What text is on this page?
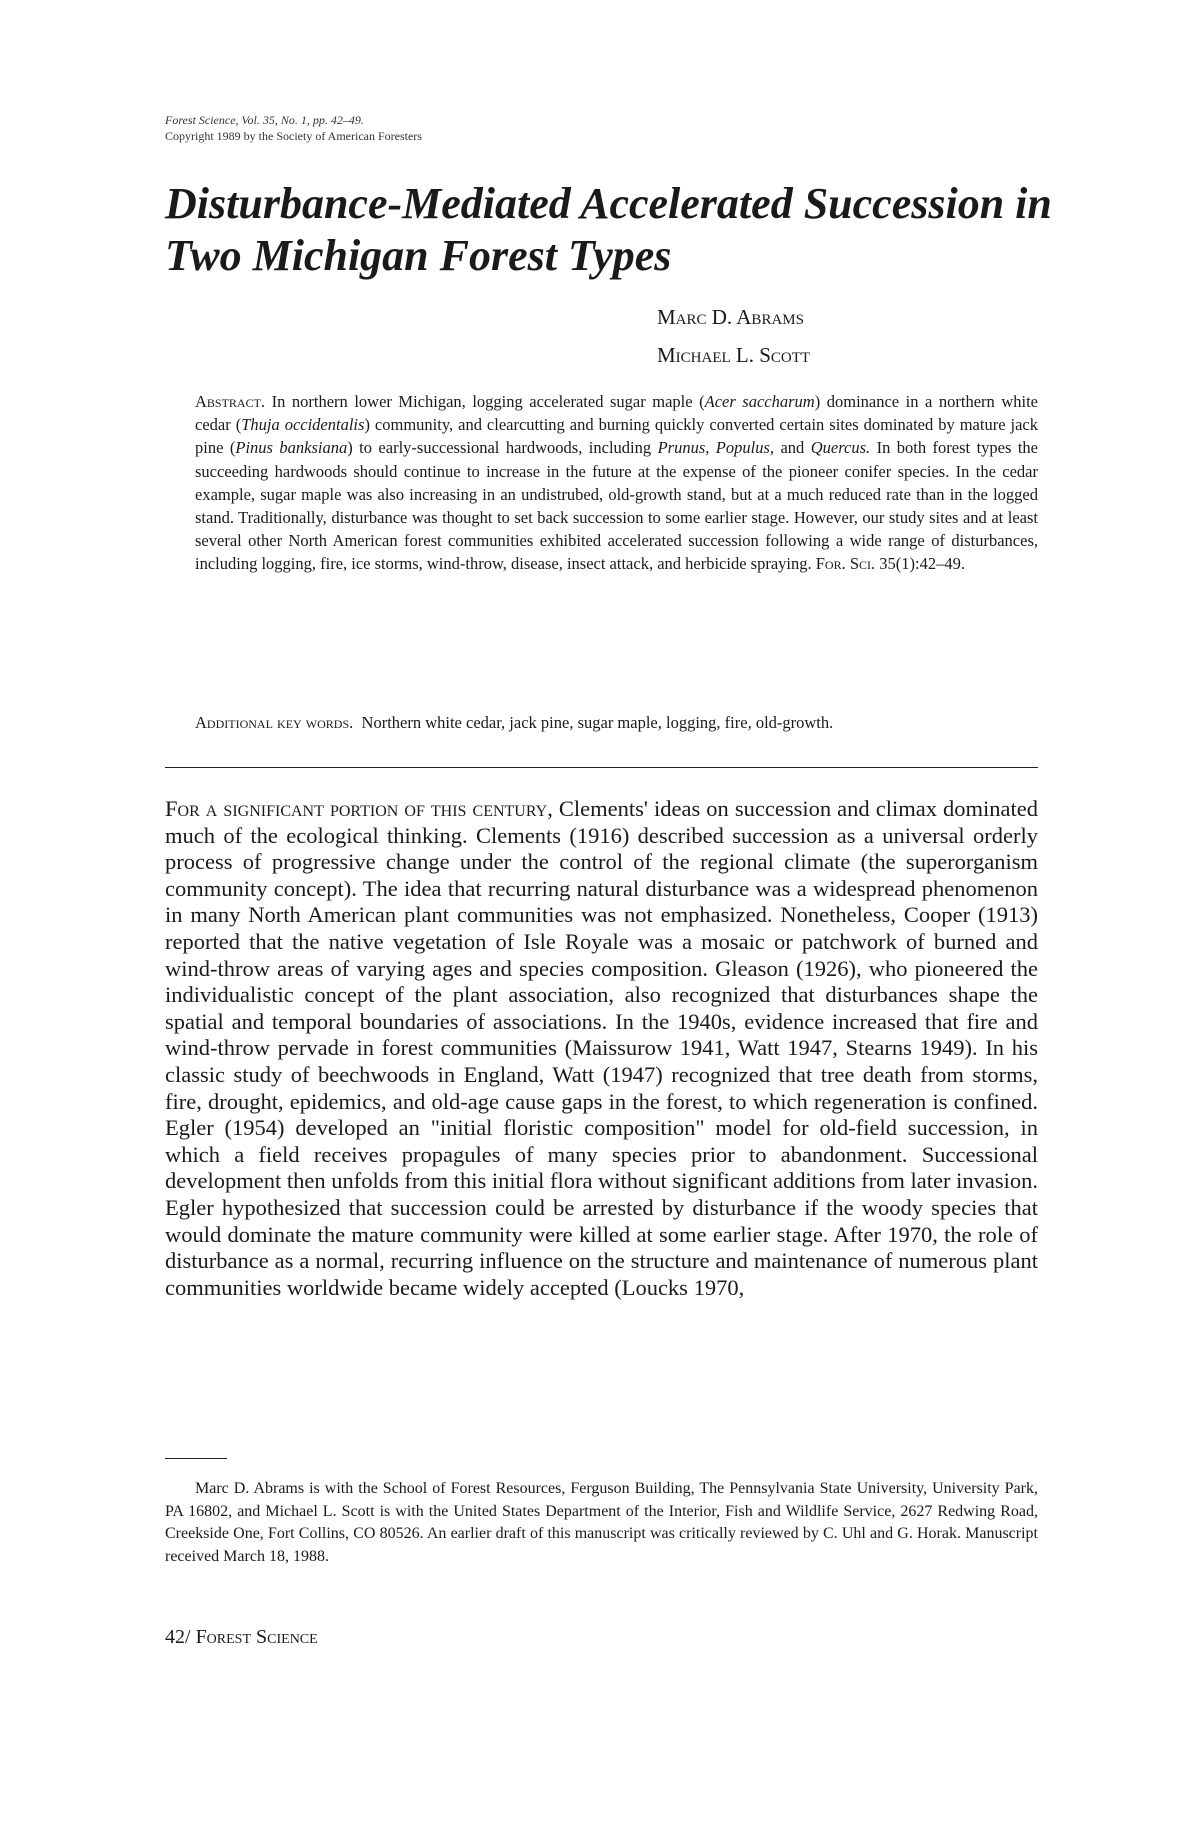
Forest Science, Vol. 35, No. 1, pp. 42–49.
Copyright 1989 by the Society of American Foresters
Disturbance-Mediated Accelerated Succession in Two Michigan Forest Types
Marc D. Abrams
Michael L. Scott

Abstract. In northern lower Michigan, logging accelerated sugar maple (Acer saccharum) dominance in a northern white cedar (Thuja occidentalis) community, and clearcutting and burning quickly converted certain sites dominated by mature jack pine (Pinus banksiana) to early-successional hardwoods, including Prunus, Populus, and Quercus. In both forest types the succeeding hardwoods should continue to increase in the future at the expense of the pioneer conifer species. In the cedar example, sugar maple was also increasing in an undistrubed, old-growth stand, but at a much reduced rate than in the logged stand. Traditionally, disturbance was thought to set back succession to some earlier stage. However, our study sites and at least several other North American forest communities exhibited accelerated succession following a wide range of disturbances, including logging, fire, ice storms, wind-throw, disease, insect attack, and herbicide spraying. For. Sci. 35(1):42–49.

Additional key words. Northern white cedar, jack pine, sugar maple, logging, fire, old-growth.

For a significant portion of this century, Clements' ideas on succession and climax dominated much of the ecological thinking. Clements (1916) described succession as a universal orderly process of progressive change under the control of the regional climate (the superorganism community concept). The idea that recurring natural disturbance was a widespread phenomenon in many North American plant communities was not emphasized. Nonetheless, Cooper (1913) reported that the native vegetation of Isle Royale was a mosaic or patchwork of burned and wind-throw areas of varying ages and species composition. Gleason (1926), who pioneered the individualistic concept of the plant association, also recognized that disturbances shape the spatial and temporal boundaries of associations. In the 1940s, evidence increased that fire and wind-throw pervade in forest communities (Maissurow 1941, Watt 1947, Stearns 1949). In his classic study of beechwoods in England, Watt (1947) recognized that tree death from storms, fire, drought, epidemics, and old-age cause gaps in the forest, to which regeneration is confined. Egler (1954) developed an "initial floristic composition" model for old-field succession, in which a field receives propagules of many species prior to abandonment. Successional development then unfolds from this initial flora without significant additions from later invasion. Egler hypothesized that succession could be arrested by disturbance if the woody species that would dominate the mature community were killed at some earlier stage. After 1970, the role of disturbance as a normal, recurring influence on the structure and maintenance of numerous plant communities worldwide became widely accepted (Loucks 1970,

Marc D. Abrams is with the School of Forest Resources, Ferguson Building, The Pennsylvania State University, University Park, PA 16802, and Michael L. Scott is with the United States Department of the Interior, Fish and Wildlife Service, 2627 Redwing Road, Creekside One, Fort Collins, CO 80526. An earlier draft of this manuscript was critically reviewed by C. Uhl and G. Horak. Manuscript received March 18, 1988.

42/ Forest Science
